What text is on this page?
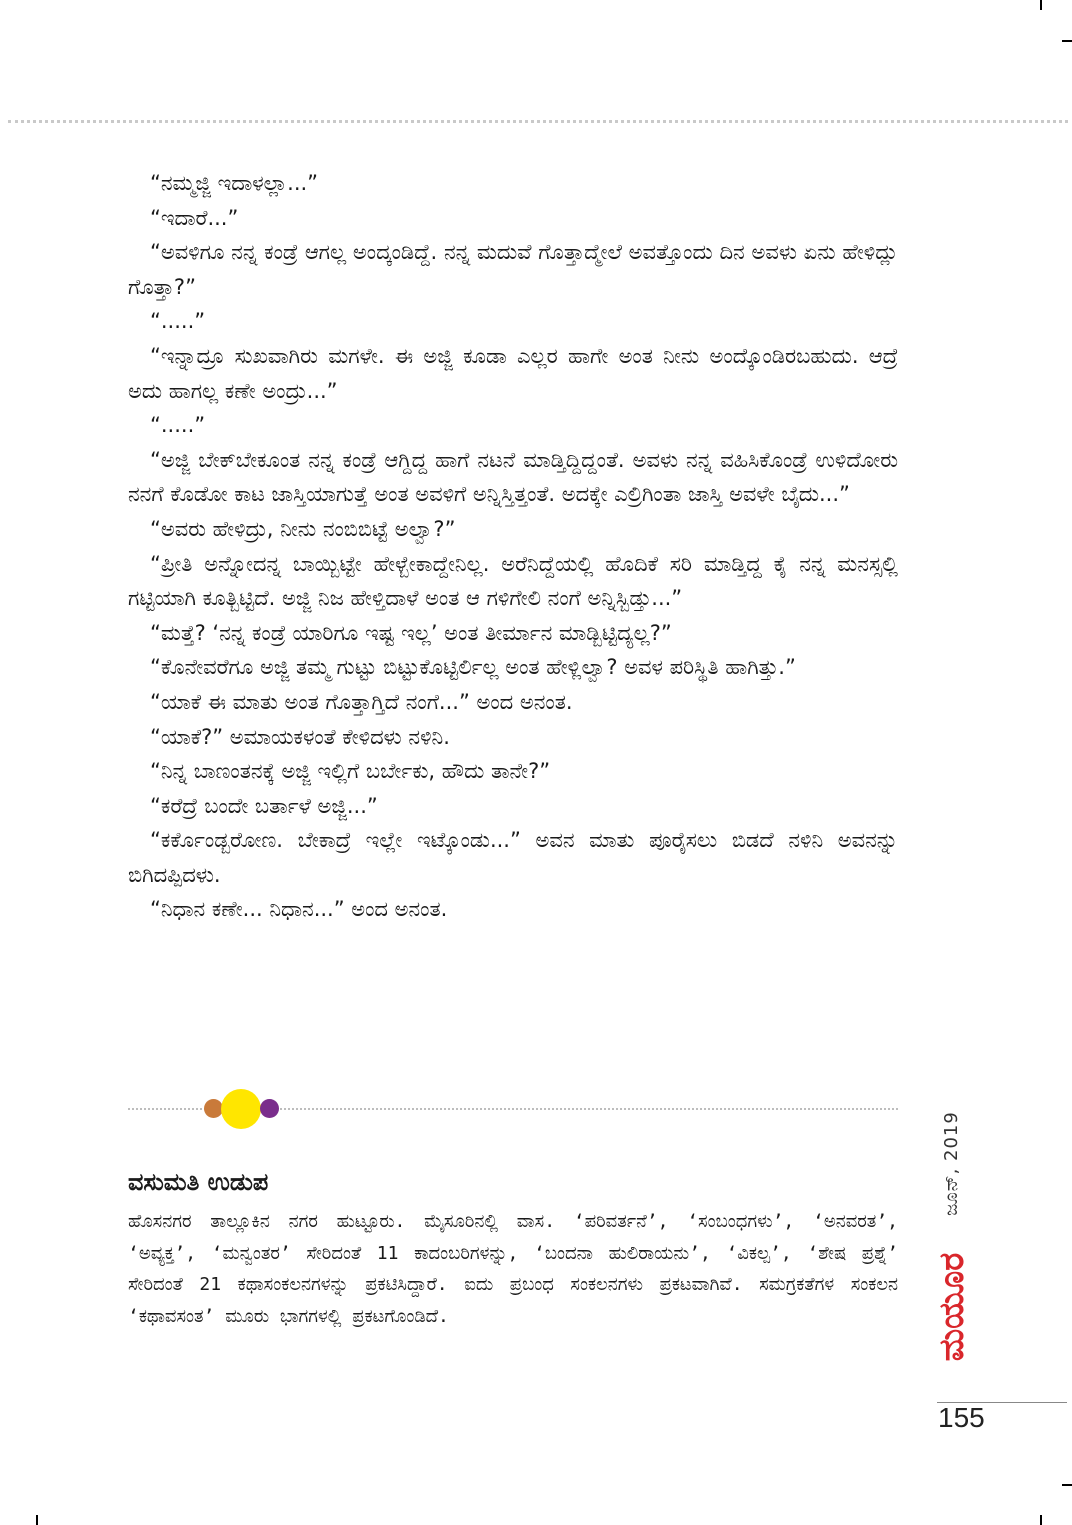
“ನಮ್ಮಜ್ಜಿ ಇದಾಳಲ್ಲಾ...”

“ಇದಾರೆ...”

“ಅವಳಿಗೂ ನನ್ನ ಕಂಡ್ರೆ ಆಗಲ್ಲ ಅಂದ್ಕಂಡಿದ್ದೆ. ನನ್ನ ಮದುವೆ ಗೊತ್ತಾದ್ಮೇಲೆ ಅವತ್ತೊಂದು ದಿನ ಅವಳು ಏನು ಹೇಳಿದ್ಲು ಗೊತ್ತಾ?”

“.....”

“ಇನ್ನಾದ್ರೂ ಸುಖವಾಗಿರು ಮಗಳೇ. ಈ ಅಜ್ಜಿ ಕೂಡಾ ಎಲ್ಲರ ಹಾಗೇ ಅಂತ ನೀನು ಅಂದ್ಕೊಂಡಿರಬಹುದು. ಆದ್ರೆ ಅದು ಹಾಗಲ್ಲ ಕಣೇ ಅಂದ್ರು...”

“.....”

“ಅಜ್ಜಿ ಬೇಕ್‌ಬೇಕೂಂತ ನನ್ನ ಕಂಡ್ರೆ ಆಗ್ದಿದ್ದ ಹಾಗೆ ನಟನೆ ಮಾಡ್ತಿದ್ದಿದ್ದಂತೆ. ಅವಳು ನನ್ನ ವಹಿಸಿಕೊಂಡ್ರೆ ಉಳಿದೋರು ನನಗೆ ಕೊಡೋ ಕಾಟ ಜಾಸ್ತಿಯಾಗುತ್ತೆ ಅಂತ ಅವಳಿಗೆ ಅನ್ನಿಸ್ತಿತ್ತಂತೆ. ಅದಕ್ಕೇ ಎಲ್ರಿಗಿಂತಾ ಜಾಸ್ತಿ ಅವಳೇ ಬೈದು...”

“ಅವರು ಹೇಳಿದ್ರು, ನೀನು ನಂಬಿಬಿಟ್ಟೆ ಅಲ್ವಾ?”

“ಪ್ರೀತಿ ಅನ್ನೋದನ್ನ ಬಾಯ್ಬಿಟ್ಟೇ ಹೇಳ್ಬೇಕಾದ್ದೇನಿಲ್ಲ. ಅರೆನಿದ್ದೆಯಲ್ಲಿ ಹೊದಿಕೆ ಸರಿ ಮಾಡ್ತಿದ್ದ ಕೈ ನನ್ನ ಮನಸ್ಸಲ್ಲಿ ಗಟ್ಟಿಯಾಗಿ ಕೂತ್ಬಿಟ್ಟಿದೆ. ಅಜ್ಜಿ ನಿಜ ಹೇಳ್ತಿದಾಳೆ ಅಂತ ಆ ಗಳಿಗೇಲಿ ನಂಗೆ ಅನ್ನಿಸ್ಬಿಡ್ತು...”

“ಮತ್ತೆ? ‘ನನ್ನ ಕಂಡ್ರೆ ಯಾರಿಗೂ ಇಷ್ಟ ಇಲ್ಲ’ ಅಂತ ತೀರ್ಮಾನ ಮಾಡ್ಬಿಟ್ಟಿದ್ಯಲ್ಲ?”

“ಕೊನೇವರೆಗೂ ಅಜ್ಜಿ ತಮ್ಮ ಗುಟ್ಟು ಬಿಟ್ಟುಕೊಟ್ಟಿರ್ಲಿಲ್ಲ ಅಂತ ಹೇಳ್ಲಿಲ್ವಾ? ಅವಳ ಪರಿಸ್ಥಿತಿ ಹಾಗಿತ್ತು.”

“ಯಾಕೆ ಈ ಮಾತು ಅಂತ ಗೊತ್ತಾಗ್ತಿದೆ ನಂಗೆ...” ಅಂದ ಅನಂತ.

“ಯಾಕೆ?” ಅಮಾಯಕಳಂತೆ ಕೇಳಿದಳು ನಳಿನಿ.

“ನಿನ್ನ ಬಾಣಂತನಕ್ಕೆ ಅಜ್ಜಿ ಇಲ್ಲಿಗೆ ಬರ್ಬೇಕು, ಹೌದು ತಾನೇ?”

“ಕರೆದ್ರೆ ಬಂದೇ ಬರ್ತಾಳೆ ಅಜ್ಜಿ...”

“ಕರ್ಕೊಂಡ್ಬರೋಣ. ಬೇಕಾದ್ರೆ ಇಲ್ಲೇ ಇಟ್ಕೊಂಡು...” ಅವನ ಮಾತು ಪೂರೈಸಲು ಬಿಡದೆ ನಳಿನಿ ಅವನನ್ನು ಬಿಗಿದಪ್ಪಿದಳು.

“ನಿಧಾನ ಕಣೇ... ನಿಧಾನ...” ಅಂದ ಅನಂತ.

ವಸುಮತಿ ಉಡುಪ
ಹೊಸನಗರ ತಾಲ್ಲೂಕಿನ ನಗರ ಹುಟ್ಟೂರು. ಮೈಸೂರಿನಲ್ಲಿ ವಾಸ. ‘ಪರಿವರ್ತನೆ’, ‘ಸಂಬಂಧಗಳು’, ‘ಅನವರತ’, ‘ಅವ್ಯಕ್ತ’, ‘ಮನ್ವಂತರ’ ಸೇರಿದಂತೆ 11 ಕಾದಂಬರಿಗಳನ್ನು, ‘ಬಂದನಾ ಹುಲಿರಾಯನು’, ‘ವಿಕಲ್ಪ’, ‘ಶೇಷ ಪ್ರಶ್ನೆ’ ಸೇರಿದಂತೆ 21 ಕಥಾಸಂಕಲನಗಳನ್ನು ಪ್ರಕಟಿಸಿದ್ದಾರೆ. ಐದು ಪ್ರಬಂಧ ಸಂಕಲನಗಳು ಪ್ರಕಟವಾಗಿವೆ. ಸಮಗ್ರಕತೆಗಳ ಸಂಕಲನ ‘ಕಥಾವಸಂತ’ ಮೂರು ಭಾಗಗಳಲ್ಲಿ ಪ್ರಕಟಗೊಂಡಿದೆ.
ಜೂನ್, 2019
ಮಯೂರ
155
